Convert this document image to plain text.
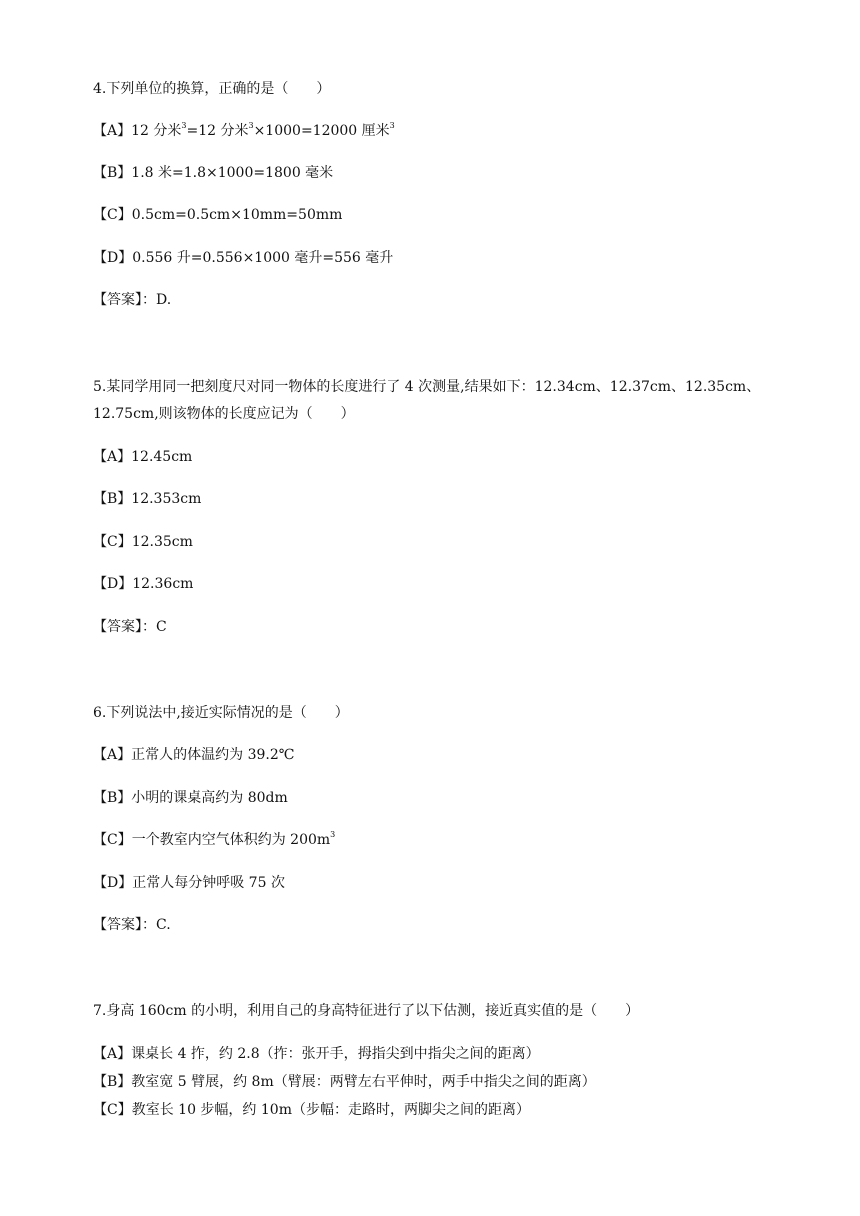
4.下列单位的换算，正确的是（　　）
【A】12 分米$^3$=12 分米$^3$×1000=12000 厘米$^3$
【B】1.8 米=1.8×1000=1800 毫米
【C】0.5cm=0.5cm×10mm=50mm
【D】0.556 升=0.556×1000 毫升=556 毫升
【答案】：D.
5.某同学用同一把刻度尺对同一物体的长度进行了 4 次测量,结果如下：12.34cm、12.37cm、12.35cm、
12.75cm,则该物体的长度应记为（　　）
【A】12.45cm
【B】12.353cm
【C】12.35cm
【D】12.36cm
【答案】：C
6.下列说法中,接近实际情况的是（　　）
【A】正常人的体温约为 39.2℃
【B】小明的课桌高约为 80dm
【C】一个教室内空气体积约为 $200m^3$
【D】正常人每分钟呼吸 75 次
【答案】：C.
7.身高 160cm 的小明，利用自己的身高特征进行了以下估测，接近真实值的是（　　）
【A】课桌长 4 拃，约 2.8（拃：张开手，拇指尖到中指尖之间的距离）
【B】教室宽 5 臂展，约 8m（臂展：两臂左右平伸时，两手中指尖之间的距离）
【C】教室长 10 步幅，约 10m（步幅：走路时，两脚尖之间的距离）
